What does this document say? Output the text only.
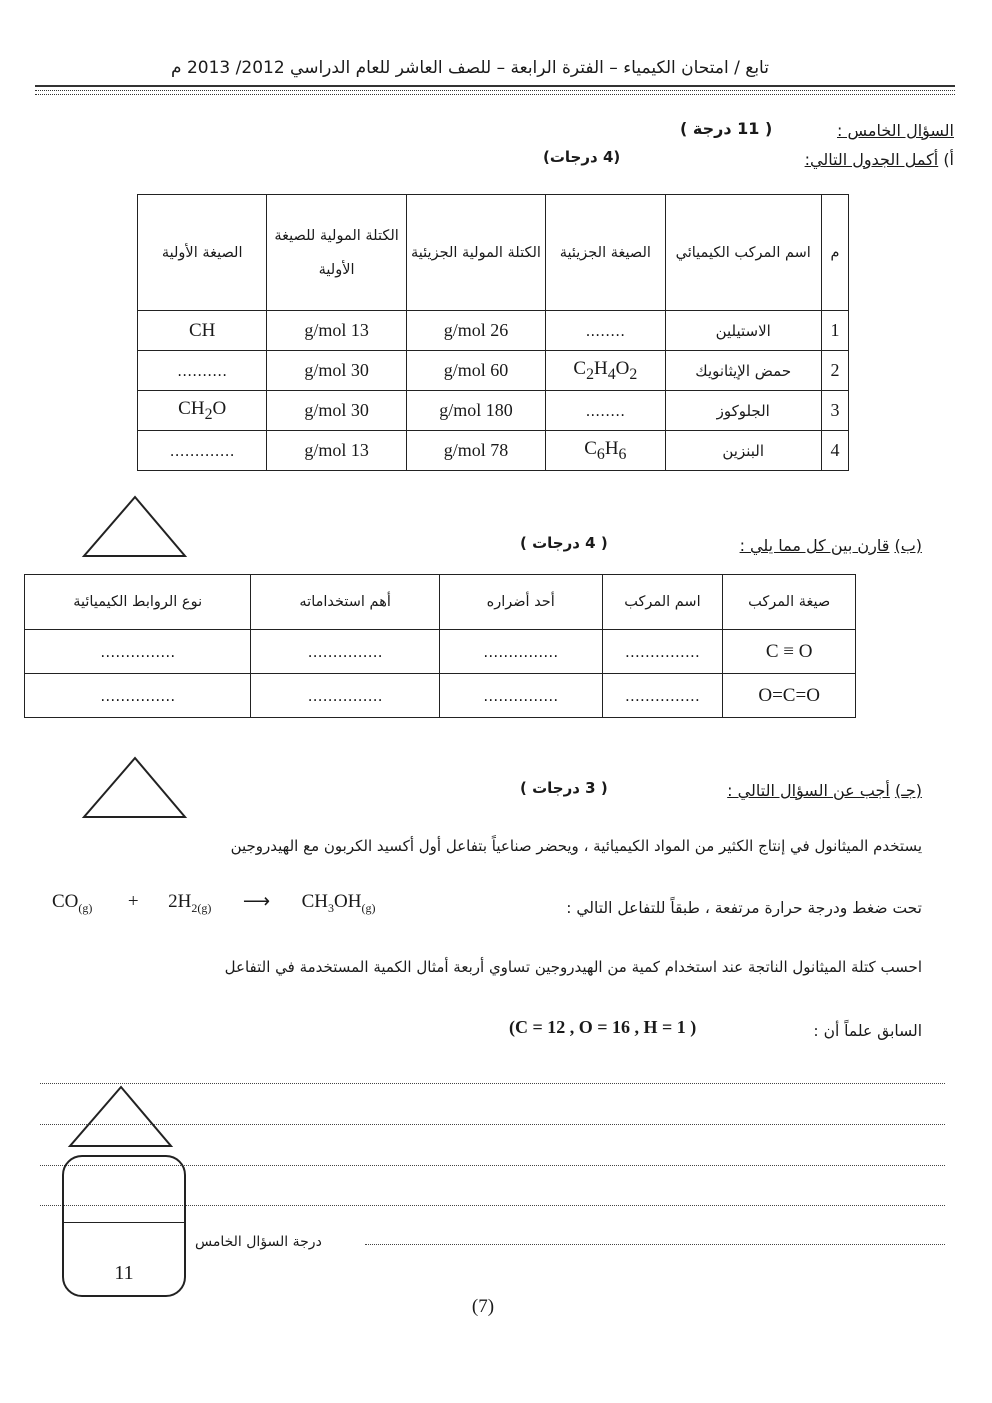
تابع / امتحان الكيمياء – الفترة الرابعة – للصف العاشر للعام الدراسي 2012/ 2013 م
السؤال الخامس :
( 11 درجة )
أ) أكمل الجدول التالي:
(4 درجات)
م	اسم المركب الكيميائي	الصيغة الجزيئية	الكتلة المولية الجزيئية	الكتلة المولية للصيغة الأولية	الصيغة الأولية
1	الاستيلين	……..	26 g/mol	13 g/mol	CH
2	حمض الإيثانويك	$C_2H_4O_2$	60 g/mol	30 g/mol	……….
3	الجلوكوز	……..	180 g/mol	30 g/mol	$CH_2O$
4	البنزين	$C_6H_6$	78 g/mol	13 g/mol	………….
(ب) قارن بين كل مما يلي :
( 4 درجات )
صيغة المركب	اسم المركب	أحد أضراره	أهم استخداماته	نوع الروابط الكيميائية
C ≡ O	……………	……………	……………	……………
O=C=O	……………	……………	……………	……………
(جـ) أجب عن السؤال التالي :
( 3 درجات )
يستخدم الميثانول في إنتاج الكثير من المواد الكيميائية ، ويحضر صناعياً بتفاعل أول أكسيد الكربون مع الهيدروجين
تحت ضغط ودرجة حرارة مرتفعة ، طبقاً للتفاعل التالي :
$CO_{(g)} + 2H_{2(g)}$ ⟶ $CH_3OH_{(g)}$
احسب كتلة الميثانول الناتجة عند استخدام كمية من الهيدروجين تساوي أربعة أمثال الكمية المستخدمة في التفاعل
السابق علماً أن :
(C = 12 , O = 16 , H = 1 )
11
درجة السؤال الخامس
(7)
